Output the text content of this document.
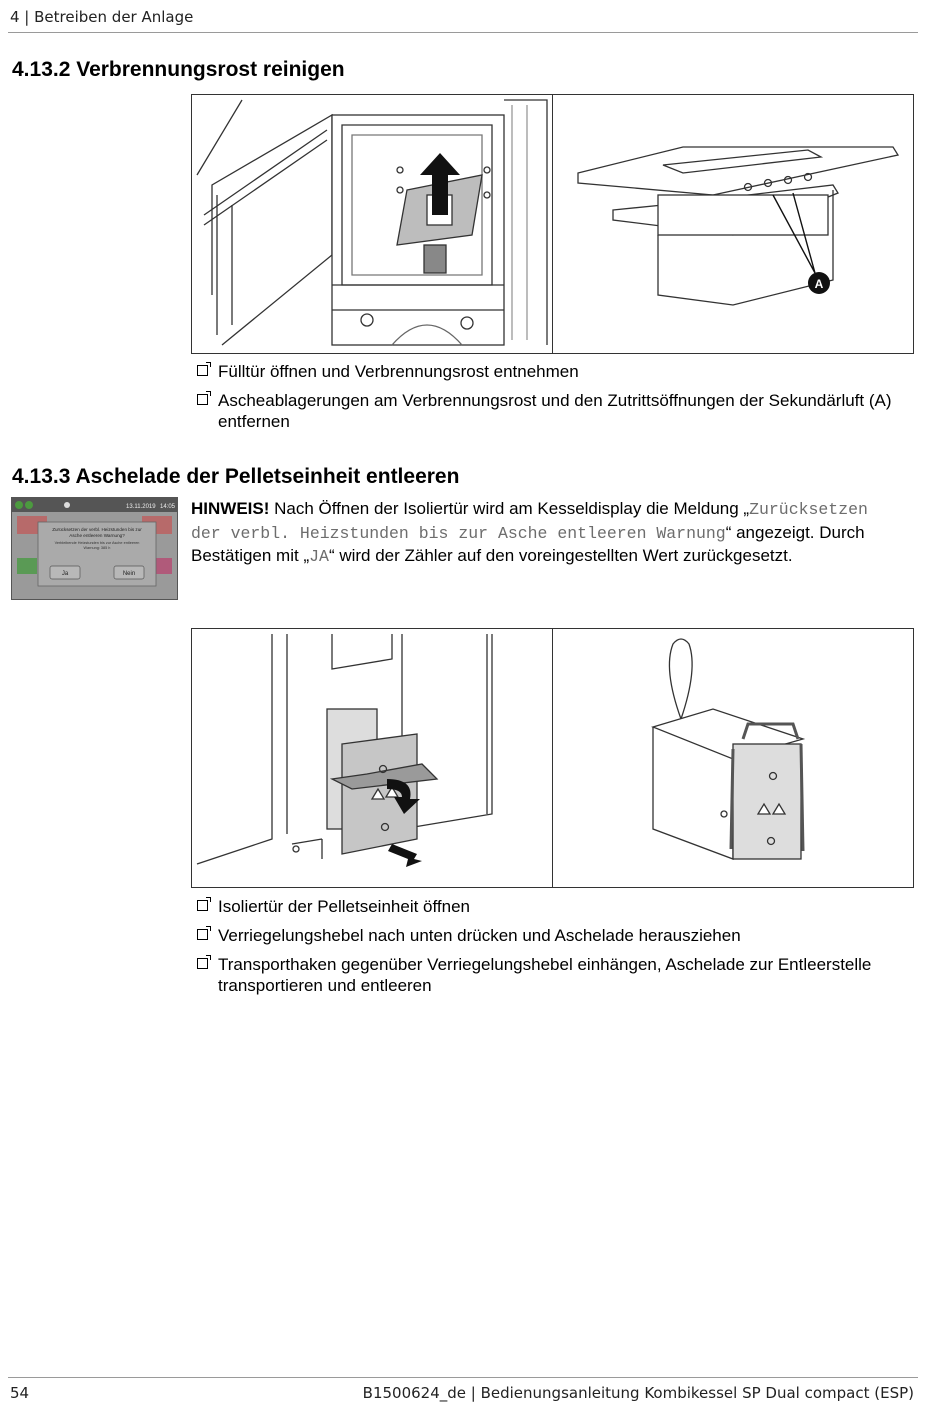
4 | Betreiben der Anlage
4.13.2 Verbrennungsrost reinigen
A
Fülltür öffnen und Verbrennungsrost entnehmen
Ascheablagerungen am Verbrennungsrost und den Zutrittsöffnungen der Sekundärluft (A) entfernen
4.13.3 Aschelade der Pelletseinheit entleeren
13.11.2019 14:05
Zurücksetzen der verbl. Heizstunden bis zur
Asche entleeren Warnung?
Verbleibende Heizstunden bis zur Asche entleeren
Warnung: 385 h
Ja	Nein
HINWEIS! Nach Öffnen der Isoliertür wird am Kesseldisplay die Meldung „Zurücksetzen der verbl. Heizstunden bis zur Asche entleeren Warnung“ angezeigt. Durch Bestätigen mit „JA“ wird der Zähler auf den voreingestellten Wert zurückgesetzt.
Isoliertür der Pelletseinheit öffnen
Verriegelungshebel nach unten drücken und Aschelade herausziehen
Transporthaken gegenüber Verriegelungshebel einhängen, Aschelade zur Entleerstelle transportieren und entleeren
54	B1500624_de | Bedienungsanleitung Kombikessel SP Dual compact (ESP)
